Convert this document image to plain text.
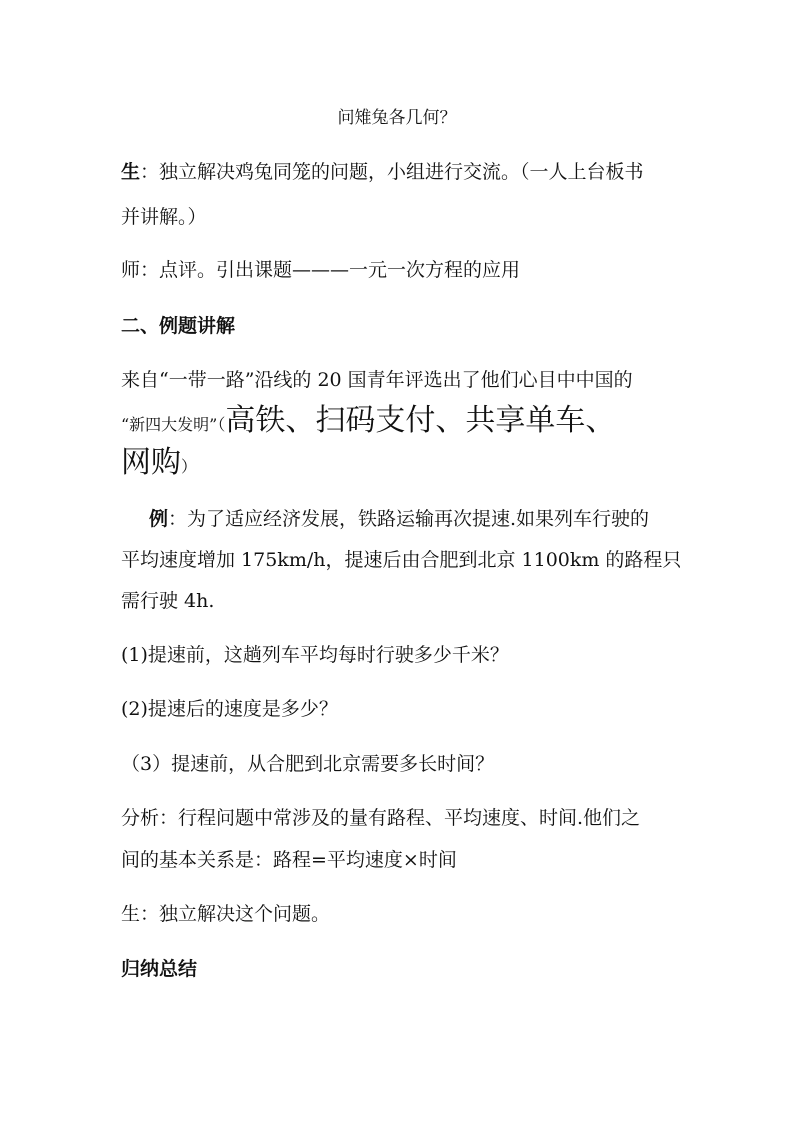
问雉兔各几何？
生：独立解决鸡兔同笼的问题，小组进行交流。（一人上台板书
并讲解。）
师：点评。引出课题———一元一次方程的应用
二、例题讲解
来自“一带一路”沿线的 20 国青年评选出了他们心目中中国的
“新四大发明”（高铁、扫码支付、共享单车、
网购）
例：为了适应经济发展，铁路运输再次提速.如果列车行驶的
平均速度增加 175km/h，提速后由合肥到北京 1100km 的路程只
需行驶 4h.
(1)提速前，这趟列车平均每时行驶多少千米？
(2)提速后的速度是多少？
（3）提速前，从合肥到北京需要多长时间？
分析：行程问题中常涉及的量有路程、平均速度、时间.他们之
间的基本关系是：路程=平均速度×时间
生：独立解决这个问题。
归纳总结
